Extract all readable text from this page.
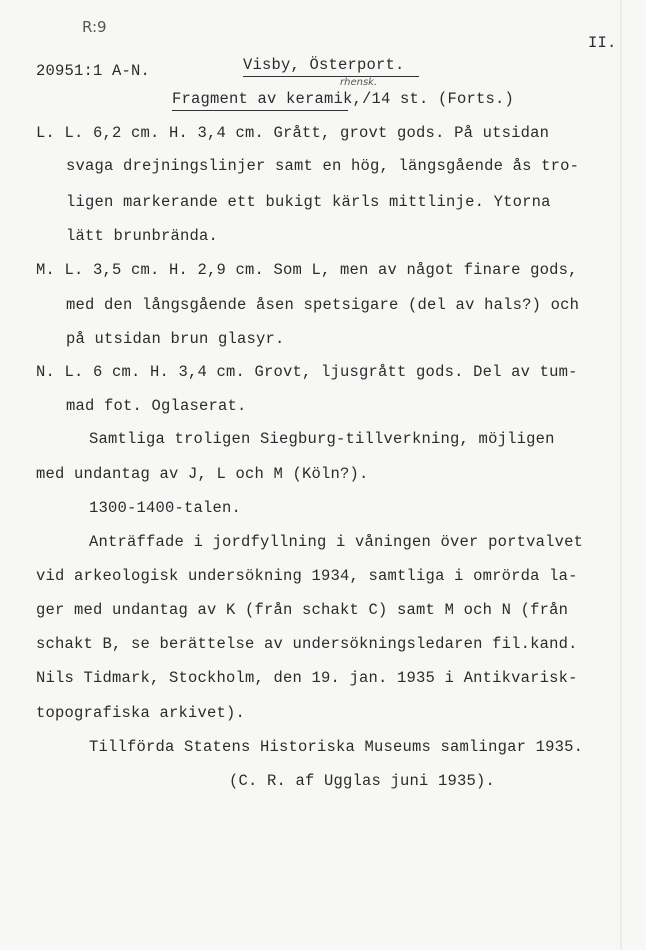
R:9
II.
20951:1 A-N.	Visby, Österport.
rhensk.
Fragment av keramik,/14 st. (Forts.)
L. L. 6,2 cm. H. 3,4 cm. Grått, grovt gods. På utsidan
svaga drejningslinjer samt en hög, längsgående ås tro-
ligen markerande ett bukigt kärls mittlinje. Ytorna
lätt brunbrända.
M. L. 3,5 cm. H. 2,9 cm. Som L, men av något finare gods,
med den långsgående åsen spetsigare (del av hals?) och
på utsidan brun glasyr.
N. L. 6 cm. H. 3,4 cm. Grovt, ljusgrått gods. Del av tum-
mad fot. Oglaserat.
Samtliga troligen Siegburg-tillverkning, möjligen
med undantag av J, L och M (Köln?).
1300-1400-talen.
Anträffade i jordfyllning i våningen över portvalvet
vid arkeologisk undersökning 1934, samtliga i omrörda la-
ger med undantag av K (från schakt C) samt M och N (från
schakt B, se berättelse av undersökningsledaren fil.kand.
Nils Tidmark, Stockholm, den 19. jan. 1935 i Antikvarisk-
topografiska arkivet).
Tillförda Statens Historiska Museums samlingar 1935.
(C. R. af Ugglas juni 1935).
